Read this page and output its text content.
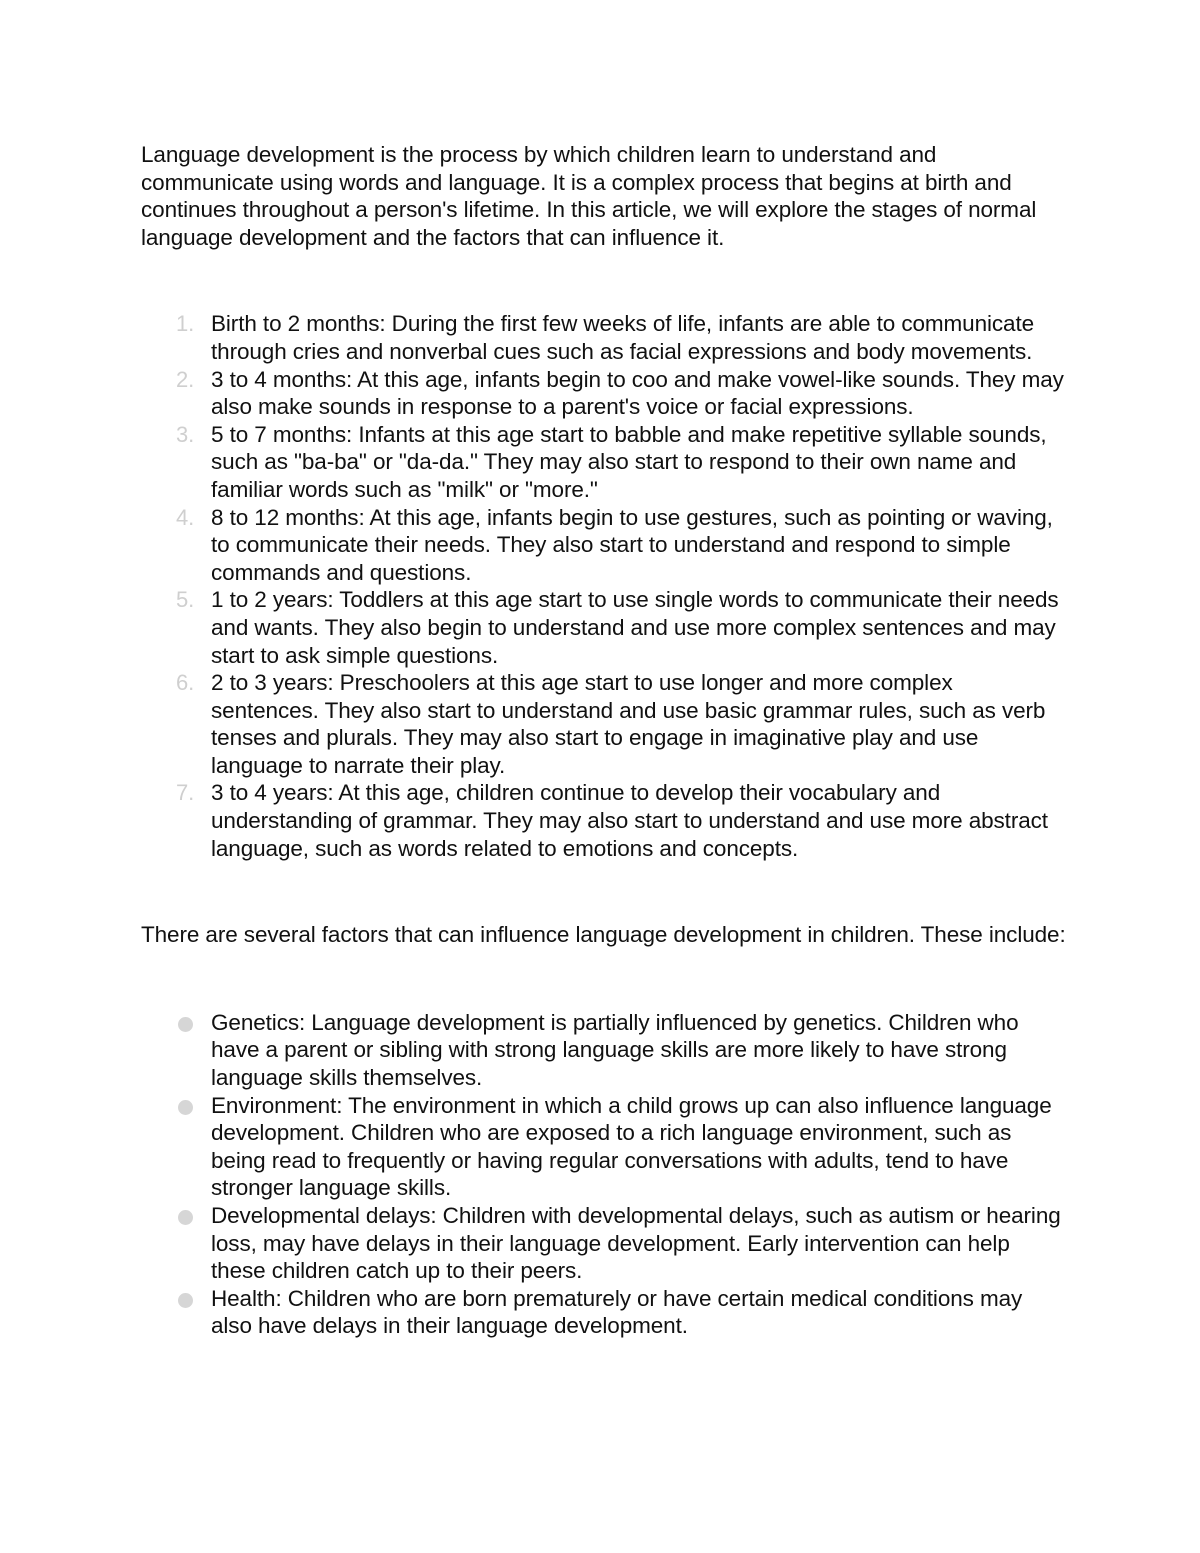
Language development is the process by which children learn to understand and communicate using words and language. It is a complex process that begins at birth and continues throughout a person's lifetime. In this article, we will explore the stages of normal language development and the factors that can influence it.

1. Birth to 2 months: During the first few weeks of life, infants are able to communicate through cries and nonverbal cues such as facial expressions and body movements.
2. 3 to 4 months: At this age, infants begin to coo and make vowel-like sounds. They may also make sounds in response to a parent's voice or facial expressions.
3. 5 to 7 months: Infants at this age start to babble and make repetitive syllable sounds, such as "ba-ba" or "da-da." They may also start to respond to their own name and familiar words such as "milk" or "more."
4. 8 to 12 months: At this age, infants begin to use gestures, such as pointing or waving, to communicate their needs. They also start to understand and respond to simple commands and questions.
5. 1 to 2 years: Toddlers at this age start to use single words to communicate their needs and wants. They also begin to understand and use more complex sentences and may start to ask simple questions.
6. 2 to 3 years: Preschoolers at this age start to use longer and more complex sentences. They also start to understand and use basic grammar rules, such as verb tenses and plurals. They may also start to engage in imaginative play and use language to narrate their play.
7. 3 to 4 years: At this age, children continue to develop their vocabulary and understanding of grammar. They may also start to understand and use more abstract language, such as words related to emotions and concepts.

There are several factors that can influence language development in children. These include:

Genetics: Language development is partially influenced by genetics. Children who have a parent or sibling with strong language skills are more likely to have strong language skills themselves.
Environment: The environment in which a child grows up can also influence language development. Children who are exposed to a rich language environment, such as being read to frequently or having regular conversations with adults, tend to have stronger language skills.
Developmental delays: Children with developmental delays, such as autism or hearing loss, may have delays in their language development. Early intervention can help these children catch up to their peers.
Health: Children who are born prematurely or have certain medical conditions may also have delays in their language development.
